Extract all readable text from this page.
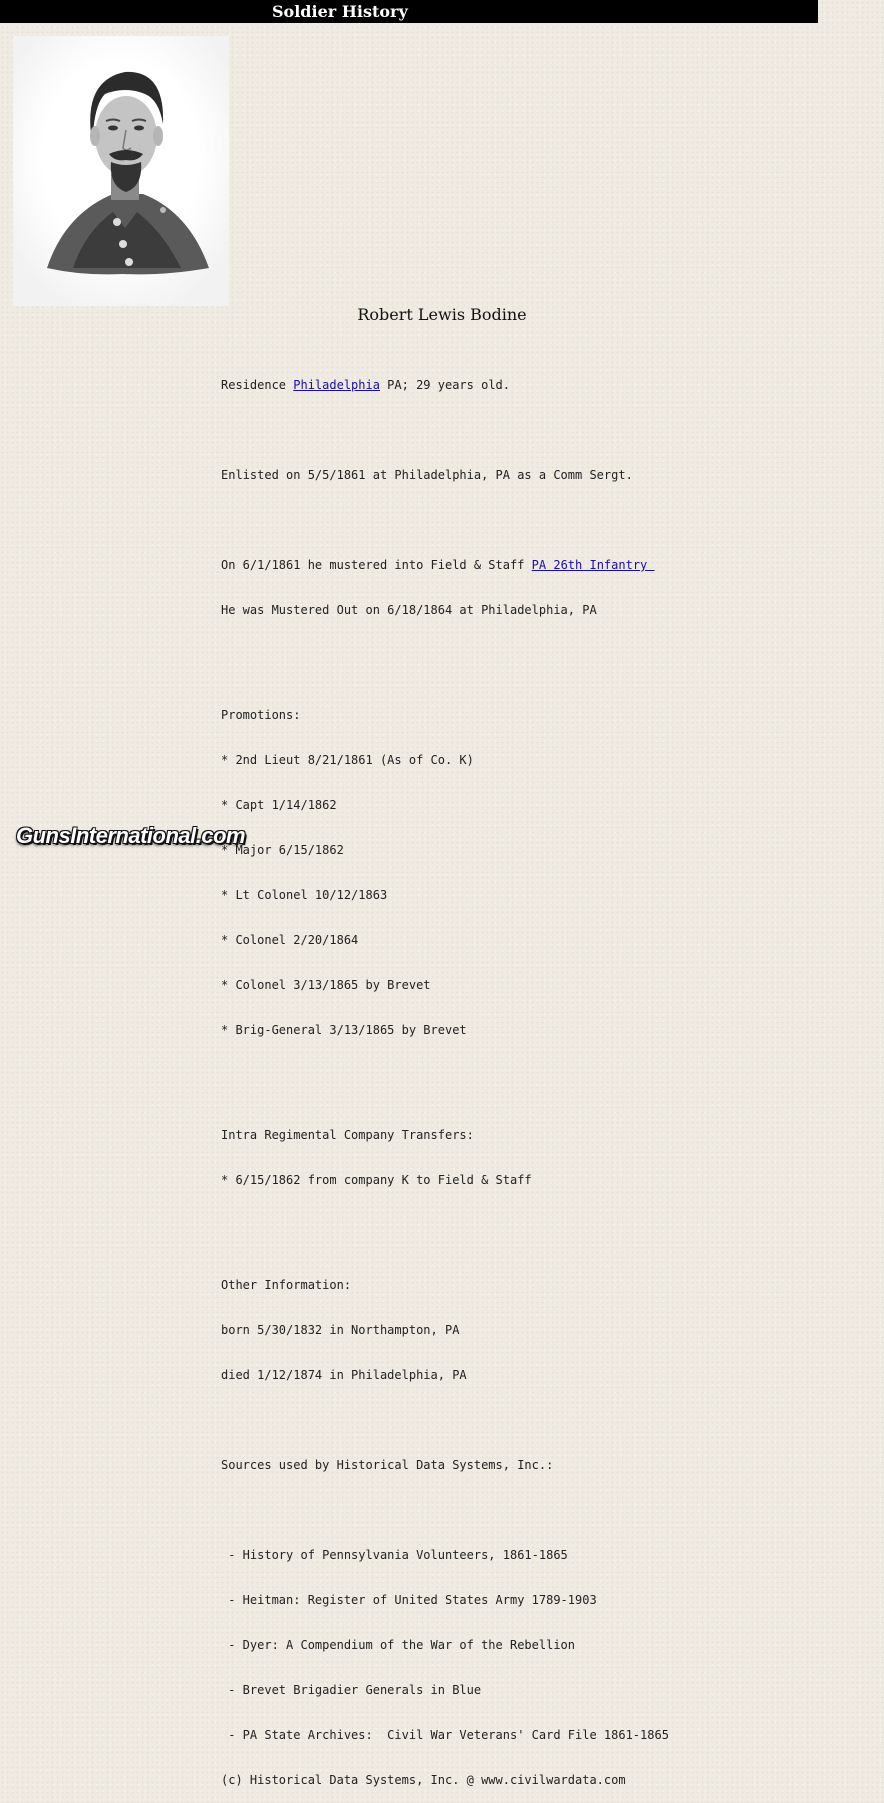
Soldier History
Robert Lewis Bodine

Residence Philadelphia PA; 29 years old.

Enlisted on 5/5/1861 at Philadelphia, PA as a Comm Sergt.

On 6/1/1861 he mustered into Field & Staff PA 26th Infantry

He was Mustered Out on 6/18/1864 at Philadelphia, PA

Promotions:

* 2nd Lieut 8/21/1861 (As of Co. K)

* Capt 1/14/1862

* Major 6/15/1862

* Lt Colonel 10/12/1863

* Colonel 2/20/1864

* Colonel 3/13/1865 by Brevet

* Brig-General 3/13/1865 by Brevet

Intra Regimental Company Transfers:

* 6/15/1862 from company K to Field & Staff

Other Information:

born 5/30/1832 in Northampton, PA

died 1/12/1874 in Philadelphia, PA

Sources used by Historical Data Systems, Inc.:

- History of Pennsylvania Volunteers, 1861-1865

- Heitman: Register of United States Army 1789-1903

- Dyer: A Compendium of the War of the Rebellion

- Brevet Brigadier Generals in Blue

- PA State Archives:  Civil War Veterans' Card File 1861-1865

(c) Historical Data Systems, Inc. @ www.civilwardata.com

GunsInternational.com
